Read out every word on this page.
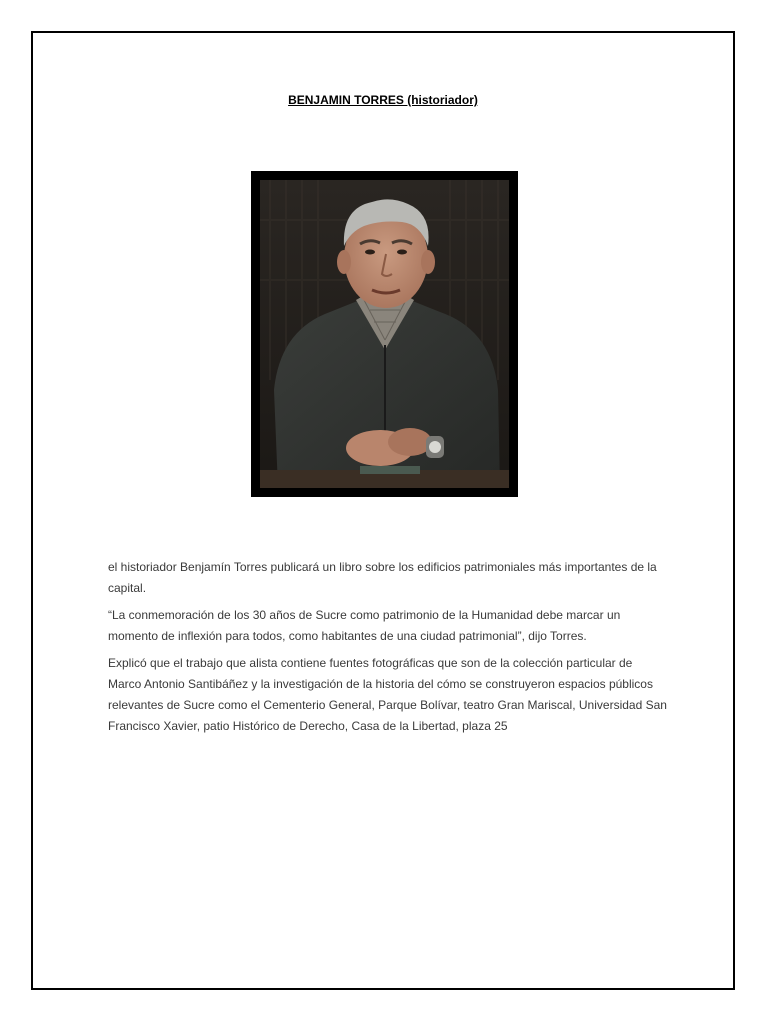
BENJAMIN TORRES (historiador)

el historiador Benjamín Torres publicará un libro sobre los edificios patrimoniales más importantes de la capital.

“La conmemoración de los 30 años de Sucre como patrimonio de la Humanidad debe marcar un momento de inflexión para todos, como habitantes de una ciudad patrimonial”, dijo Torres.

Explicó que el trabajo que alista contiene fuentes fotográficas que son de la colección particular de Marco Antonio Santibáñez y la investigación de la historia del cómo se construyeron espacios públicos relevantes de Sucre como el Cementerio General, Parque Bolívar, teatro Gran Mariscal, Universidad San Francisco Xavier, patio Histórico de Derecho, Casa de la Libertad, plaza 25
